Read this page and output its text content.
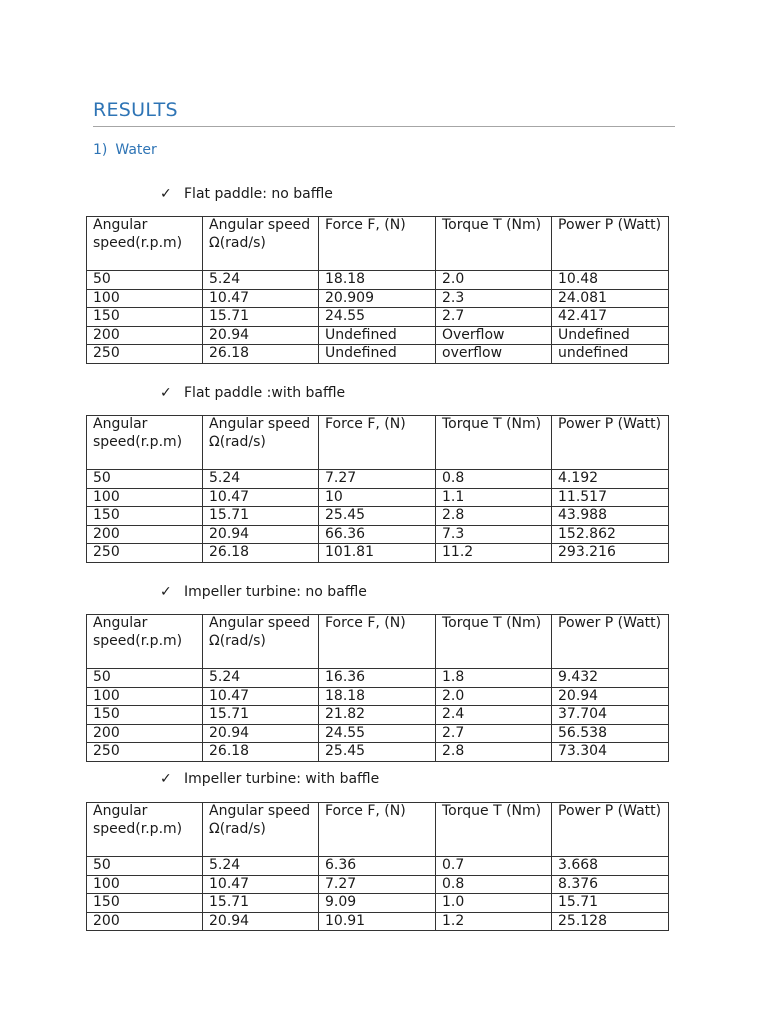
RESULTS
1) Water
✓ Flat paddle: no baffle
Angular speed(r.p.m)	Angular speed Ω(rad/s)	Force F, (N)	Torque T (Nm)	Power P (Watt)
50	5.24	18.18	2.0	10.48
100	10.47	20.909	2.3	24.081
150	15.71	24.55	2.7	42.417
200	20.94	Undefined	Overflow	Undefined
250	26.18	Undefined	overflow	undefined
✓ Flat paddle :with baffle
Angular speed(r.p.m)	Angular speed Ω(rad/s)	Force F, (N)	Torque T (Nm)	Power P (Watt)
50	5.24	7.27	0.8	4.192
100	10.47	10	1.1	11.517
150	15.71	25.45	2.8	43.988
200	20.94	66.36	7.3	152.862
250	26.18	101.81	11.2	293.216
✓ Impeller turbine: no baffle
Angular speed(r.p.m)	Angular speed Ω(rad/s)	Force F, (N)	Torque T (Nm)	Power P (Watt)
50	5.24	16.36	1.8	9.432
100	10.47	18.18	2.0	20.94
150	15.71	21.82	2.4	37.704
200	20.94	24.55	2.7	56.538
250	26.18	25.45	2.8	73.304
✓ Impeller turbine: with baffle
Angular speed(r.p.m)	Angular speed Ω(rad/s)	Force F, (N)	Torque T (Nm)	Power P (Watt)
50	5.24	6.36	0.7	3.668
100	10.47	7.27	0.8	8.376
150	15.71	9.09	1.0	15.71
200	20.94	10.91	1.2	25.128
